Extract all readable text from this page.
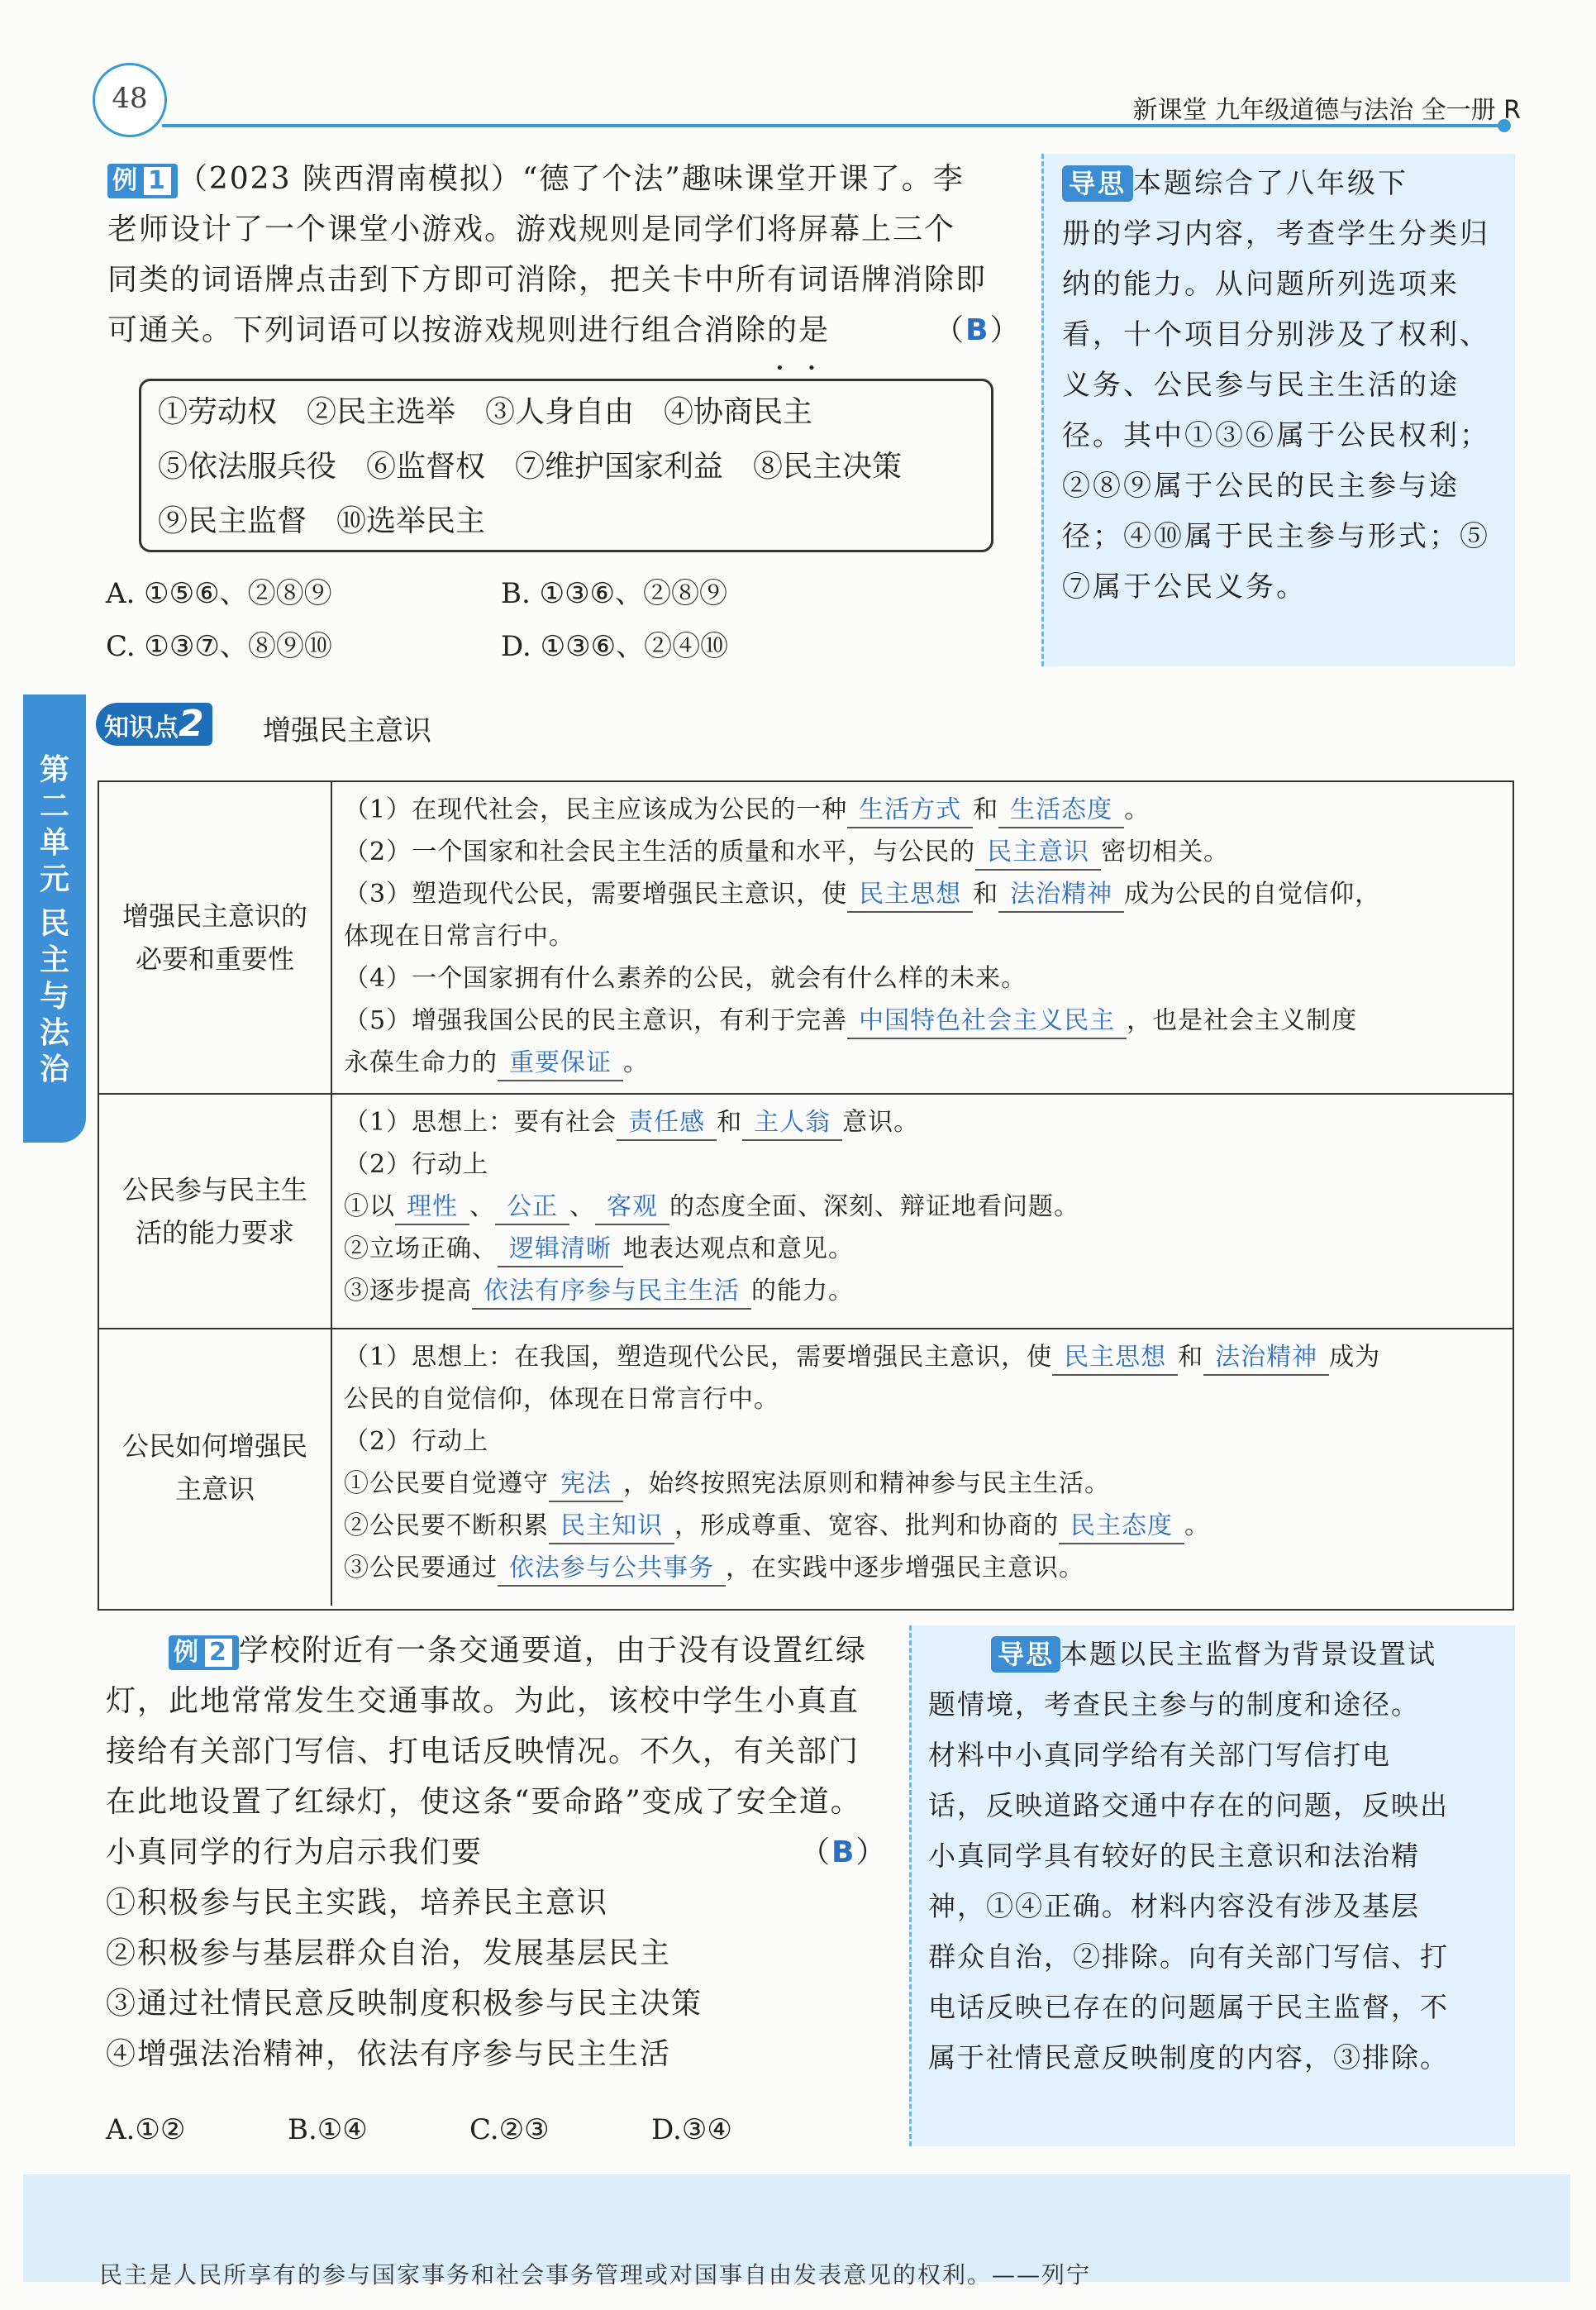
48	新课堂 九年级道德与法治 全一册 R
例 1 （2023 陕西渭南模拟）“德了个法”趣味课堂开课了。李
老师设计了一个课堂小游戏。游戏规则是同学们将屏幕上三个
同类的词语牌点击到下方即可消除，把关卡中所有词语牌消除即
可通关。下列词语可以按游戏规则进行组合消除的是
••
（B）
①劳动权　②民主选举　③人身自由　④协商民主
⑤依法服兵役　⑥监督权　⑦维护国家利益　⑧民主决策
⑨民主监督　⑩选举民主
A. ①⑤⑥、②⑧⑨	B. ①③⑥、②⑧⑨
C. ①③⑦、⑧⑨⑩	D. ①③⑥、②④⑩
导思 本题综合了八年级下
册的学习内容，考查学生分类归
纳的能力。从问题所列选项来
看，十个项目分别涉及了权利、
义务、公民参与民主生活的途
径。其中①③⑥属于公民权利；
②⑧⑨属于公民的民主参与途
径；④⑩属于民主参与形式；⑤
⑦属于公民义务。
第二单元
民主与法治
知识点2 增强民主意识
增强民主意识的必要和重要性
（1）在现代社会，民主应该成为公民的一种 生活方式 和 生活态度 。
（2）一个国家和社会民主生活的质量和水平，与公民的 民主意识 密切相关。
（3）塑造现代公民，需要增强民主意识，使 民主思想 和 法治精神 成为公民的自觉信仰，
体现在日常言行中。
（4）一个国家拥有什么素养的公民，就会有什么样的未来。
（5）增强我国公民的民主意识，有利于完善 中国特色社会主义民主 ，也是社会主义制度
永葆生命力的 重要保证 。
公民参与民主生活的能力要求
（1）思想上：要有社会 责任感 和 主人翁 意识。
（2）行动上
①以 理性 、 公正 、 客观 的态度全面、深刻、辩证地看问题。
②立场正确、 逻辑清晰 地表达观点和意见。
③逐步提高 依法有序参与民主生活 的能力。
公民如何增强民主意识
（1）思想上：在我国，塑造现代公民，需要增强民主意识，使 民主思想 和 法治精神 成为
公民的自觉信仰，体现在日常言行中。
（2）行动上
①公民要自觉遵守 宪法 ，始终按照宪法原则和精神参与民主生活。
②公民要不断积累 民主知识 ，形成尊重、宽容、批判和协商的 民主态度 。
③公民要通过 依法参与公共事务 ，在实践中逐步增强民主意识。
例 2 学校附近有一条交通要道，由于没有设置红绿
灯，此地常常发生交通事故。为此，该校中学生小真直
接给有关部门写信、打电话反映情况。不久，有关部门
在此地设置了红绿灯，使这条“要命路”变成了安全道。
小真同学的行为启示我们要	（B）
①积极参与民主实践，培养民主意识
②积极参与基层群众自治，发展基层民主
③通过社情民意反映制度积极参与民主决策
④增强法治精神，依法有序参与民主生活
A.①②	B.①④	C.②③	D.③④
导思 本题以民主监督为背景设置试
题情境，考查民主参与的制度和途径。
材料中小真同学给有关部门写信打电
话，反映道路交通中存在的问题，反映出
小真同学具有较好的民主意识和法治精
神，①④正确。材料内容没有涉及基层
群众自治，②排除。向有关部门写信、打
电话反映已存在的问题属于民主监督，不
属于社情民意反映制度的内容，③排除。
民主是人民所享有的参与国家事务和社会事务管理或对国事自由发表意见的权利。——列宁
